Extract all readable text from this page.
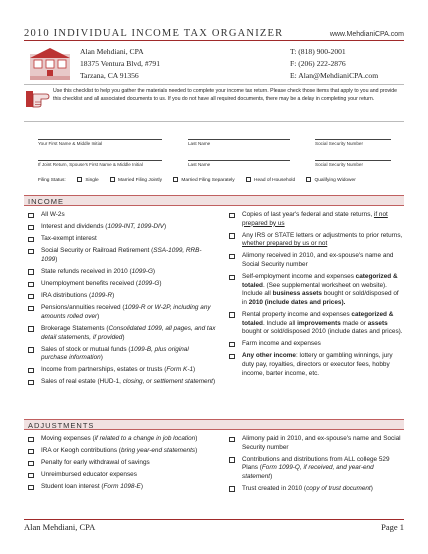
2010 INDIVIDUAL INCOME TAX ORGANIZER	www.MehdianiCPA.com
Alan Mehdiani, CPA
18375 Ventura Blvd, #791
Tarzana, CA 91356
T: (818) 900-2001
F: (206) 222-2876
E: Alan@MehdianiCPA.com
Use this checklist to help you gather the materials needed to complete your income tax return. Please check those items that apply to you and provide this checklist and all associated documents to us. If you do not have all required documents, there may be a delay in completing your return.
Your First Name & Middle Initial	Last Name	Social Security Number
If Joint Return, Spouse's First Name & Middle Initial	Last Name	Social Security Number
Filing Status:	Single	Married Filing Jointly	Married Filing Separately	Head of Household	Qualifying Widower
INCOME
All W-2s
Interest and dividends (1099-INT, 1099-DIV)
Tax-exempt interest
Social Security or Railroad Retirement (SSA-1099, RRB-1099)
State refunds received in 2010 (1099-G)
Unemployment benefits received (1099-G)
IRA distributions (1099-R)
Pensions/annuities received (1099-R or W-2P, including any amounts rolled over)
Brokerage Statements (Consolidated 1099, all pages, and tax detail statements, if provided)
Sales of stock or mutual funds (1099-B, plus original purchase information)
Income from partnerships, estates or trusts (Form K-1)
Sales of real estate (HUD-1, closing, or settlement statement)
Copies of last year's federal and state returns, if not prepared by us
Any IRS or STATE letters or adjustments to prior returns, whether prepared by us or not
Alimony received in 2010, and ex-spouse's name and Social Security number
Self-employment income and expenses categorized & totaled. (See supplemental worksheet on website). Include all business assets bought or sold/disposed of in 2010 (include dates and prices).
Rental property income and expenses categorized & totaled. Include all improvements made or assets bought or sold/disposed 2010 (include dates and prices).
Farm income and expenses
Any other income: lottery or gambling winnings, jury duty pay, royalties, directors or executor fees, hobby income, barter income, etc.
ADJUSTMENTS
Moving expenses (if related to a change in job location)
IRA or Keogh contributions (bring year-end statements)
Penalty for early withdrawal of savings
Unreimbursed educator expenses
Student loan interest (Form 1098-E)
Alimony paid in 2010, and ex-spouse's name and Social Security number
Contributions and distributions from ALL college 529 Plans (Form 1099-Q, if received, and year-end statement)
Trust created in 2010 (copy of trust document)
Alan Mehdiani, CPA	Page 1
